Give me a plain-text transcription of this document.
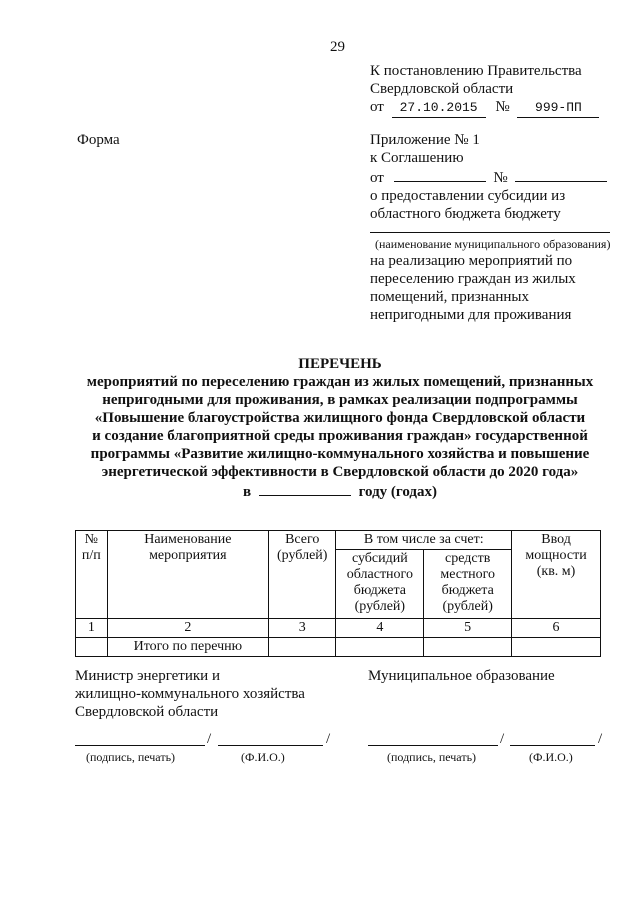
29
К постановлению Правительства
Свердловской области
от 27.10.2015 № 999-ПП
Форма	Приложение № 1
к Соглашению
от	№
о предоставлении субсидии из
областного бюджета бюджету
(наименование муниципального образования)
на реализацию мероприятий по
переселению граждан из жилых
помещений, признанных
непригодными для проживания
ПЕРЕЧЕНЬ
мероприятий по переселению граждан из жилых помещений, признанных
непригодными для проживания, в рамках реализации подпрограммы
«Повышение благоустройства жилищного фонда Свердловской области
и создание благоприятной среды проживания граждан» государственной
программы «Развитие жилищно-коммунального хозяйства и повышение
энергетической эффективности в Свердловской области до 2020 года»
в	году (годах)
№ п/п	Наименование мероприятия	Всего (рублей)	В том числе за счет:		Ввод мощности (кв. м)
			субсидий областного бюджета (рублей)	средств местного бюджета (рублей)	
1	2	3	4	5	6
	Итого по перечню				
Министр энергетики и
жилищно-коммунального хозяйства
Свердловской области
Муниципальное образование
/	/
(подпись, печать)	(Ф.И.О.)
/	/
(подпись, печать)	(Ф.И.О.)
